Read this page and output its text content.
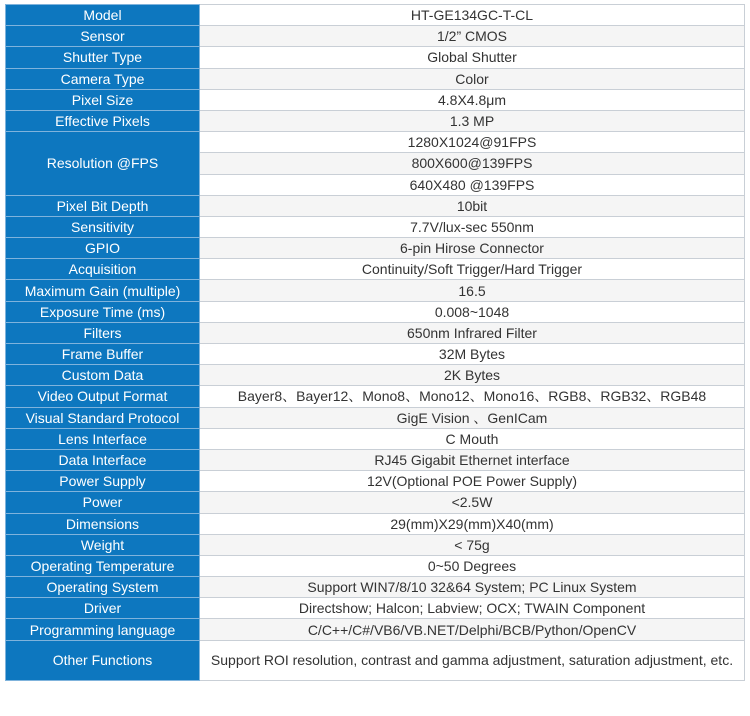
Model	HT-GE134GC-T-CL
Sensor	1/2” CMOS
Shutter Type	Global Shutter
Camera Type	Color
Pixel Size	4.8X4.8μm
Effective Pixels	1.3 MP
Resolution @FPS	1280X1024@91FPS
	800X600@139FPS
	640X480 @139FPS
Pixel Bit Depth	10bit
Sensitivity	7.7V/lux-sec 550nm
GPIO	6-pin Hirose Connector
Acquisition	Continuity/Soft Trigger/Hard Trigger
Maximum Gain (multiple)	16.5
Exposure Time (ms)	0.008~1048
Filters	650nm Infrared Filter
Frame Buffer	32M Bytes
Custom Data	2K Bytes
Video Output Format	Bayer8、Bayer12、Mono8、Mono12、Mono16、RGB8、RGB32、RGB48
Visual Standard Protocol	GigE Vision 、GenICam
Lens Interface	C Mouth
Data Interface	RJ45 Gigabit Ethernet interface
Power Supply	12V(Optional POE Power Supply)
Power	<2.5W
Dimensions	29(mm)X29(mm)X40(mm)
Weight	< 75g
Operating Temperature	0~50 Degrees
Operating System	Support WIN7/8/10 32&64 System; PC Linux System
Driver	Directshow; Halcon; Labview; OCX; TWAIN Component
Programming language	C/C++/C#/VB6/VB.NET/Delphi/BCB/Python/OpenCV
Other Functions	Support ROI resolution, contrast and gamma adjustment, saturation adjustment, etc.
